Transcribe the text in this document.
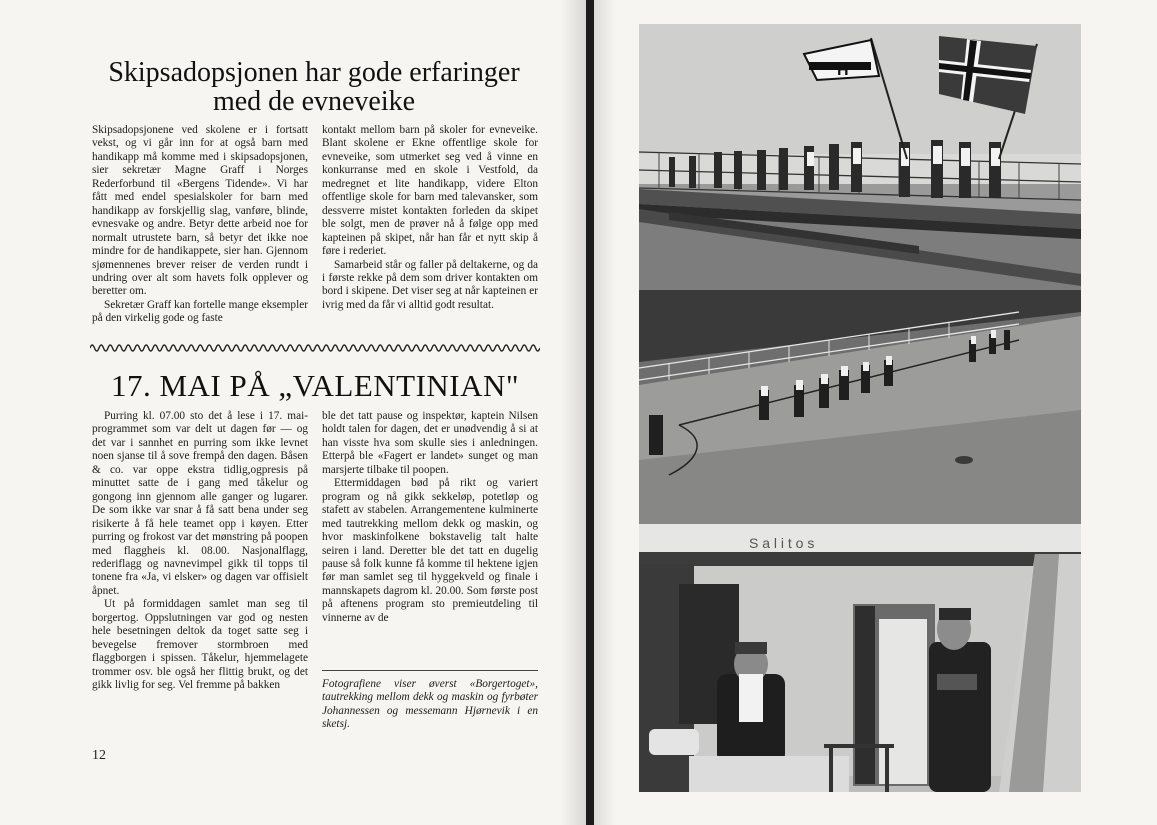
Skipsadopsjonen har gode erfaringer
med de evneveike

Skipsadopsjonene ved skolene er i fortsatt vekst, og vi går inn for at også barn med handikapp må komme med i skipsadopsjonen, sier sekretær Magne Graff i Norges Rederforbund til «Bergens Tidende». Vi har fått med endel spesialskoler for barn med handikapp av forskjellig slag, vanføre, blinde, evnesvake og andre. Betyr dette arbeid noe for normalt utrustete barn, så betyr det ikke noe mindre for de handikappete, sier han. Gjennom sjømennenes brever reiser de verden rundt i undring over alt som havets folk opplever og beretter om.

Sekretær Graff kan fortelle mange eksempler på den virkelig gode og faste

kontakt mellom barn på skoler for evneveike. Blant skolene er Ekne offentlige skole for evneveike, som utmerket seg ved å vinne en konkurranse med en skole i Vestfold, da medregnet et lite handikapp, videre Elton offentlige skole for barn med talevansker, som dessverre mistet kontakten forleden da skipet ble solgt, men de prøver nå å følge opp med kapteinen på skipet, når han får et nytt skip å føre i rederiet.

Samarbeid står og faller på deltakerne, og da i første rekke på dem som driver kontakten om bord i skipene. Det viser seg at når kapteinen er ivrig med da får vi alltid godt resultat.

17. MAI PÅ „VALENTINIAN"

Purring kl. 07.00 sto det å lese i 17. mai-programmet som var delt ut dagen før — og det var i sannhet en purring som ikke levnet noen sjanse til å sove frempå den dagen. Båsen & co. var oppe ekstra tidlig,ogpresis på minuttet satte de i gang med tåkelur og gongong inn gjennom alle ganger og lugarer. De som ikke var snar å få satt bena under seg risikerte å få hele teamet opp i køyen. Etter purring og frokost var det mønstring på poopen med flaggheis kl. 08.00. Nasjonalflagg, rederiflagg og navnevimpel gikk til topps til tonene fra «Ja, vi elsker» og dagen var offisielt åpnet.

Ut på formiddagen samlet man seg til borgertog. Oppslutningen var god og nesten hele besetningen deltok da toget satte seg i bevegelse fremover stormbroen med flaggborgen i spissen. Tåkelur, hjemmelagete trommer osv. ble også her flittig brukt, og det gikk livlig for seg. Vel fremme på bakken

ble det tatt pause og inspektør, kaptein Nilsen holdt talen for dagen, det er unødvendig å si at han visste hva som skulle sies i anledningen. Etterpå ble «Fagert er landet» sunget og man marsjerte tilbake til poopen.

Ettermiddagen bød på rikt og variert program og nå gikk sekkeløp, potetløp og stafett av stabelen. Arrangementene kulminerte med tautrekking mellom dekk og maskin, og hvor maskinfolkene bokstavelig talt halte seiren i land. Deretter ble det tatt en dugelig pause så folk kunne få komme til hektene igjen før man samlet seg til hyggekveld og finale i mannskapets dagrom kl. 20.00. Som første post på aftenens program sto premieutdeling til vinnerne av de

Fotografiene viser øverst «Borgertoget», tautrekking mellom dekk og maskin og fyrbøter Johannessen og messemann Hjørnevik i en sketsj.
12
H
S a l i t o s
